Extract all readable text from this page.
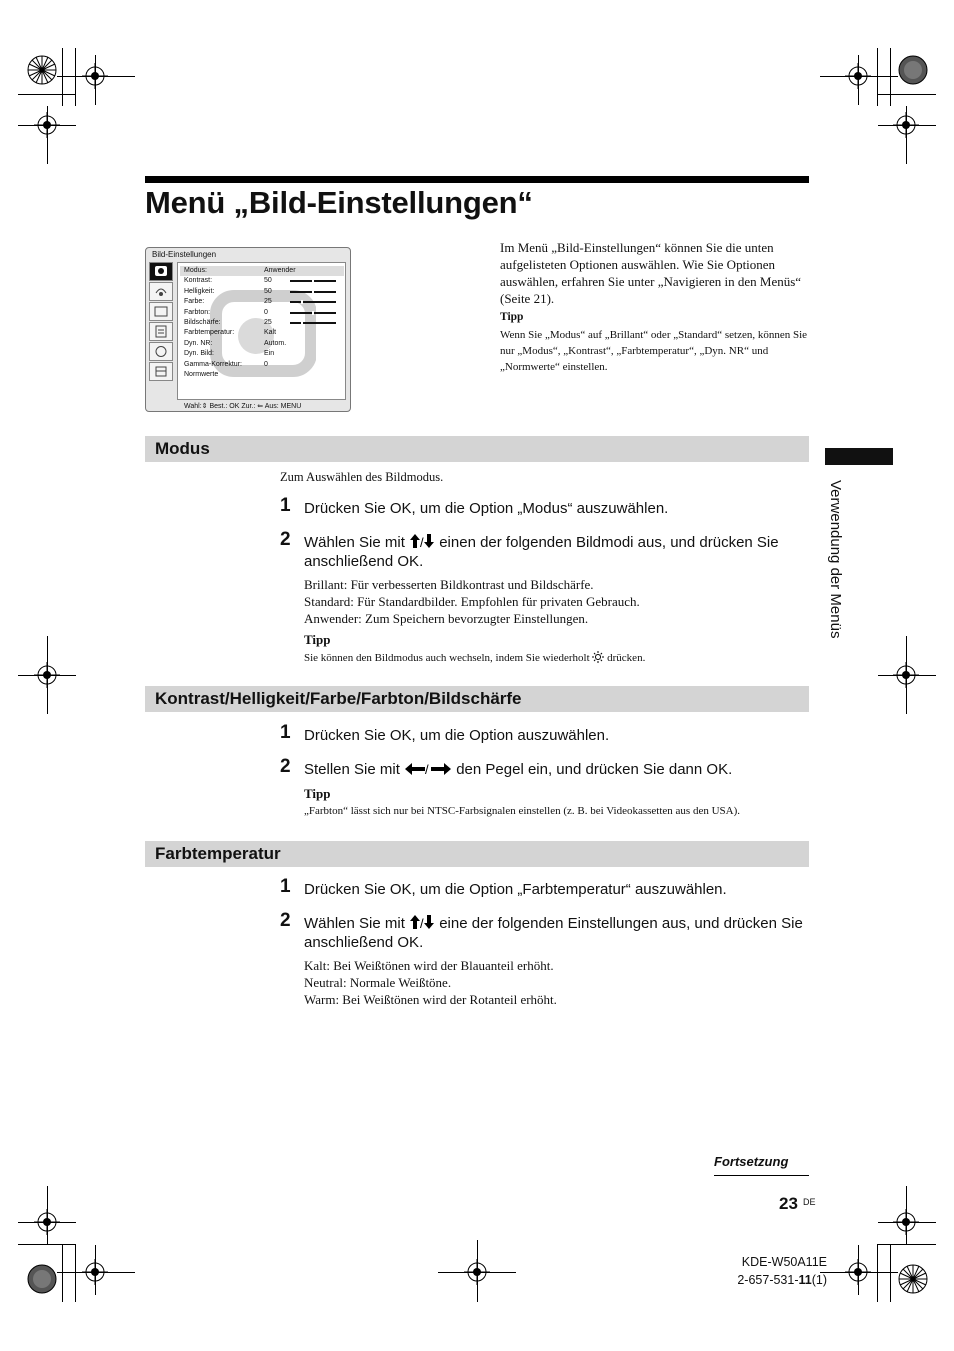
Menü „Bild-Einstellungen“
Bild-Einstellungen
Modus:	Anwender
Kontrast:	50
Helligkeit:	50
Farbe:	25
Farbton:	0
Bildschärfe:	25
Farbtemperatur:	Kalt
Dyn. NR:	Autom.
Dyn. Bild:	Ein
Gamma-Korrektur:	0
Normwerte
Wahl:⇕ Best.: OK Zur.: ⇐ Aus: MENU

Im Menü „Bild-Einstellungen“ können Sie die unten aufgelisteten Optionen auswählen. Wie Sie Optionen auswählen, erfahren Sie unter „Navigieren in den Menüs“ (Seite 21).

Tipp

Wenn Sie „Modus“ auf „Brillant“ oder „Standard“ setzen, können Sie nur „Modus“, „Kontrast“, „Farbtemperatur“, „Dyn. NR“ und „Normwerte“ einstellen.

Modus
Zum Auswählen des Bildmodus.
1 Drücken Sie OK, um die Option „Modus“ auszuwählen.
2 Wählen Sie mit / einen der folgenden Bildmodi aus, und drücken Sie anschließend OK.
Brillant: Für verbesserten Bildkontrast und Bildschärfe.
Standard: Für Standardbilder. Empfohlen für privaten Gebrauch.
Anwender: Zum Speichern bevorzugter Einstellungen.
Tipp
Sie können den Bildmodus auch wechseln, indem Sie wiederholt  drücken.
Kontrast/Helligkeit/Farbe/Farbton/Bildschärfe
1 Drücken Sie OK, um die Option auszuwählen.
2 Stellen Sie mit / den Pegel ein, und drücken Sie dann OK.
Tipp
„Farbton“ lässt sich nur bei NTSC-Farbsignalen einstellen (z. B. bei Videokassetten aus den USA).
Farbtemperatur
1 Drücken Sie OK, um die Option „Farbtemperatur“ auszuwählen.
2 Wählen Sie mit / eine der folgenden Einstellungen aus, und drücken Sie anschließend OK.
Kalt: Bei Weißtönen wird der Blauanteil erhöht.
Neutral: Normale Weißtöne.
Warm: Bei Weißtönen wird der Rotanteil erhöht.
Verwendung der Menüs
Fortsetzung
23 DE
KDE-W50A11E
2-657-531-11(1)
